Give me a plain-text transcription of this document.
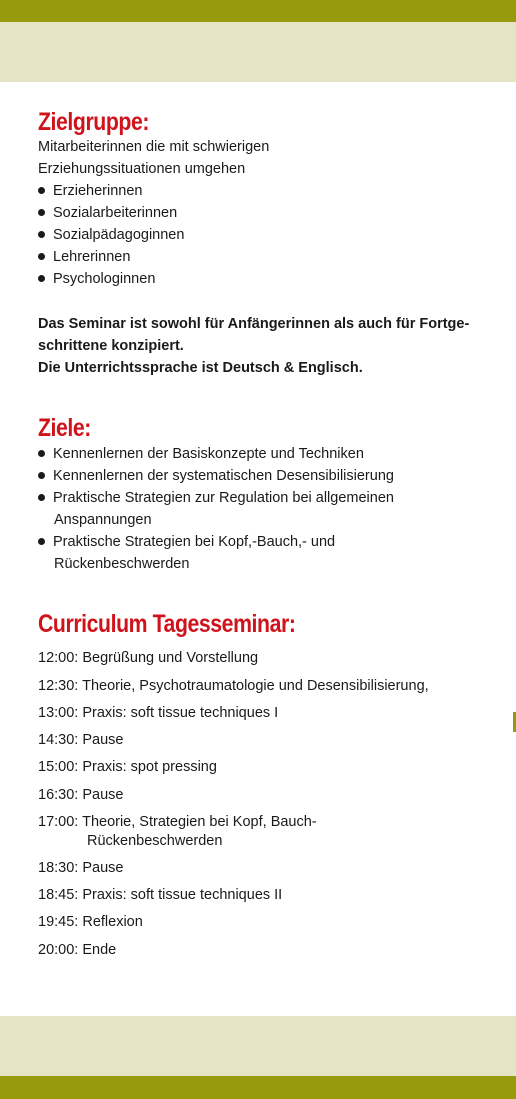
Zielgruppe:
Mitarbeiterinnen die mit schwierigen
Erziehungssituationen umgehen
Erzieherinnen
Sozialarbeiterinnen
Sozialpädagoginnen
Lehrerinnen
Psychologinnen
Das Seminar ist sowohl für Anfängerinnen als auch für Fortge-
schrittene konzipiert.
Die Unterrichtssprache ist Deutsch & Englisch.
Ziele:
Kennenlernen der Basiskonzepte und Techniken
Kennenlernen der systematischen Desensibilisierung
Praktische Strategien zur Regulation bei allgemeinen
Anspannungen
Praktische Strategien bei Kopf,-Bauch,- und
Rückenbeschwerden
Curriculum Tagesseminar:
12:00: Begrüßung und Vorstellung
12:30: Theorie, Psychotraumatologie und Desensibilisierung,
13:00: Praxis: soft tissue techniques I
14:30: Pause
15:00: Praxis: spot pressing
16:30: Pause
17:00: Theorie, Strategien bei Kopf, Bauch-
Rückenbeschwerden
18:30: Pause
18:45: Praxis: soft tissue techniques II
19:45: Reflexion
20:00: Ende
